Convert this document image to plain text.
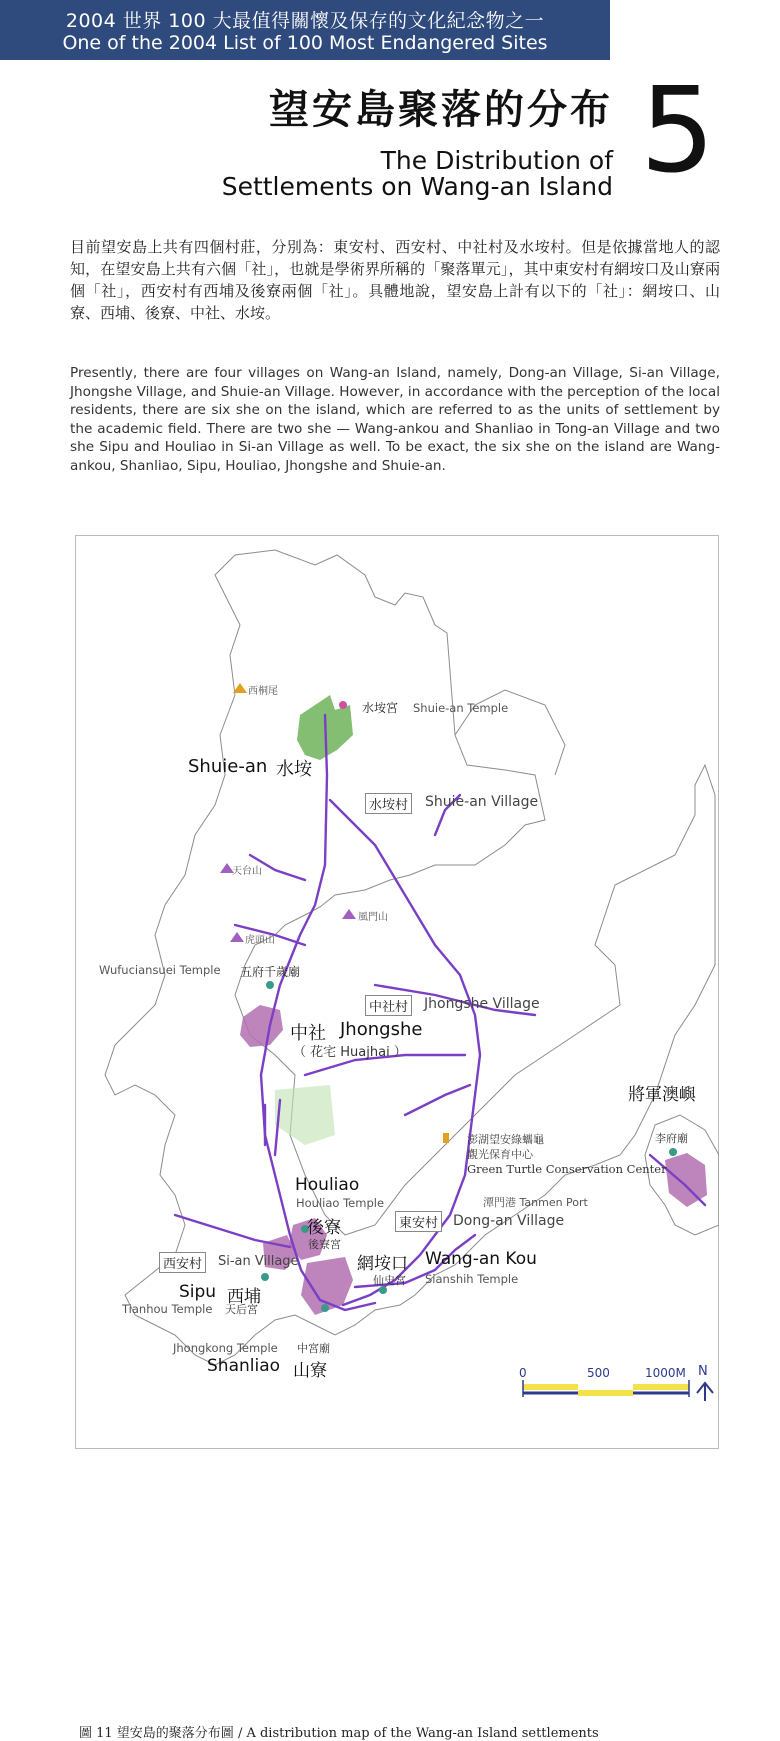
2004 世界 100 大最值得關懷及保存的文化紀念物之一
One of the 2004 List of 100 Most Endangered Sites
望安島聚落的分布
The Distribution of
Settlements on Wang-an Island 5
目前望安島上共有四個村莊，分別為：東安村、西安村、中社村及水垵村。但是依據當地人的認知，在望安島上共有六個「社」，也就是學術界所稱的「聚落單元」，其中東安村有網垵口及山寮兩個「社」，西安村有西埔及後寮兩個「社」。具體地說，望安島上計有以下的「社」：網垵口、山寮、西埔、後寮、中社、水垵。
Presently, there are four villages on Wang-an Island, namely, Dong-an Village, Si-an Village, Jhongshe Village, and Shuie-an Village. However, in accordance with the perception of the local residents, there are six she on the island, which are referred to as the units of settlement by the academic field. There are two she — Wang-ankou and Shanliao in Tong-an Village and two she Sipu and Houliao in Si-an Village as well. To be exact, the six she on the island are Wang-ankou, Shanliao, Sipu, Houliao, Jhongshe and Shuie-an.
西桐尾
水垵宮 Shuie-an Temple
Shuie-an 水垵
水垵村 Shuie-an Village
天台山
風門山
虎頭山
Wufuciansuei Temple 五府千歲廟
中社村 Jhongshe Village
中社 Jhongshe
（ 花宅 Huajhai ）
將軍澳嶼
李府廟
澎湖望安綠蠵龜
觀光保育中心
Green Turtle Conservation Center
潭門港 Tanmen Port
Houliao
Houliao Temple
後寮
後寮宮
東安村 Dong-an Village
西安村	Si-an Village	網垵口 Wang-an Kou
仙史宮 Sianshih Temple
Sipu 西埔
Tianhou Temple 天后宮
Jhongkong Temple 中宮廟
Shanliao 山寮	0	500	1000M N
圖 11 望安島的聚落分布圖 / A distribution map of the Wang-an Island settlements
